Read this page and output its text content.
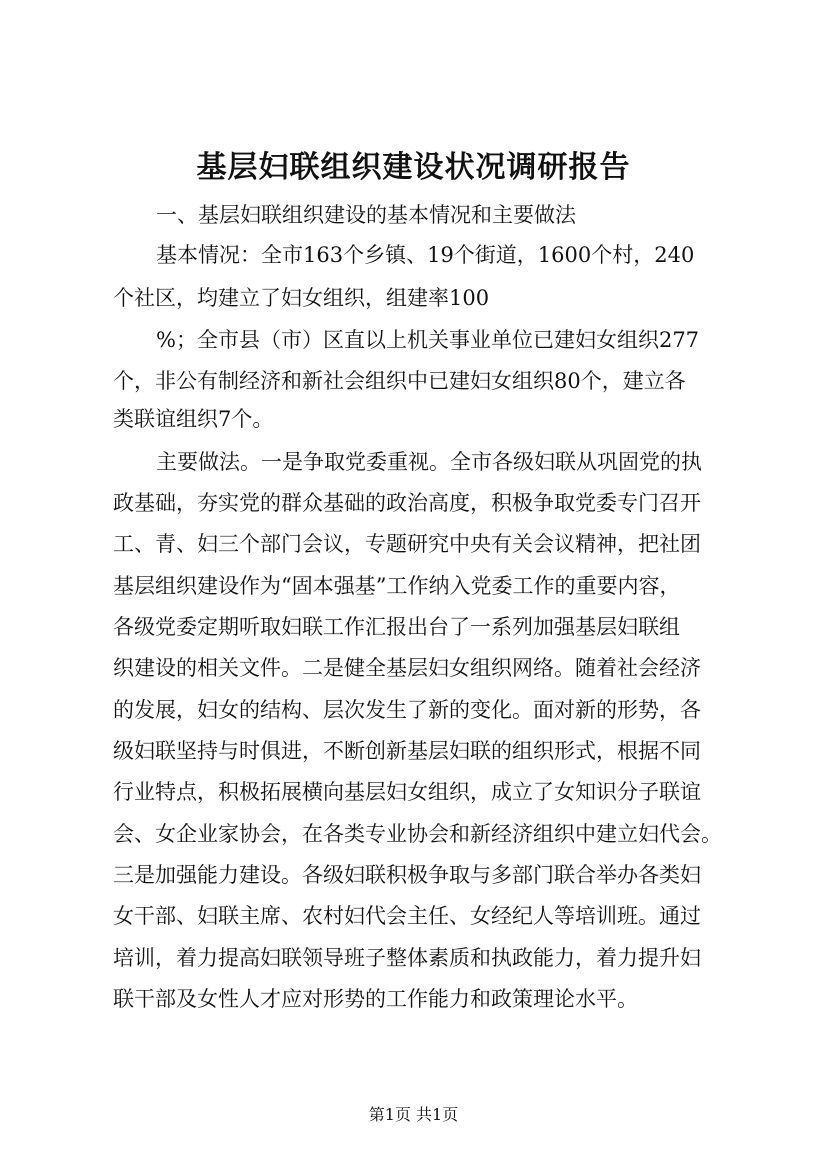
基层妇联组织建设状况调研报告

一、基层妇联组织建设的基本情况和主要做法

基本情况：全市163个乡镇、19个街道，1600个村，240

个社区，均建立了妇女组织，组建率100

%；全市县（市）区直以上机关事业单位已建妇女组织277

个，非公有制经济和新社会组织中已建妇女组织80个，建立各

类联谊组织7个。

主要做法。一是争取党委重视。全市各级妇联从巩固党的执

政基础，夯实党的群众基础的政治高度，积极争取党委专门召开

工、青、妇三个部门会议，专题研究中央有关会议精神，把社团

基层组织建设作为“固本强基”工作纳入党委工作的重要内容，

各级党委定期听取妇联工作汇报出台了一系列加强基层妇联组

织建设的相关文件。二是健全基层妇女组织网络。随着社会经济

的发展，妇女的结构、层次发生了新的变化。面对新的形势，各

级妇联坚持与时俱进，不断创新基层妇联的组织形式，根据不同

行业特点，积极拓展横向基层妇女组织，成立了女知识分子联谊

会、女企业家协会，在各类专业协会和新经济组织中建立妇代会。

三是加强能力建设。各级妇联积极争取与多部门联合举办各类妇

女干部、妇联主席、农村妇代会主任、女经纪人等培训班。通过

培训，着力提高妇联领导班子整体素质和执政能力，着力提升妇

联干部及女性人才应对形势的工作能力和政策理论水平。

第1页 共1页
